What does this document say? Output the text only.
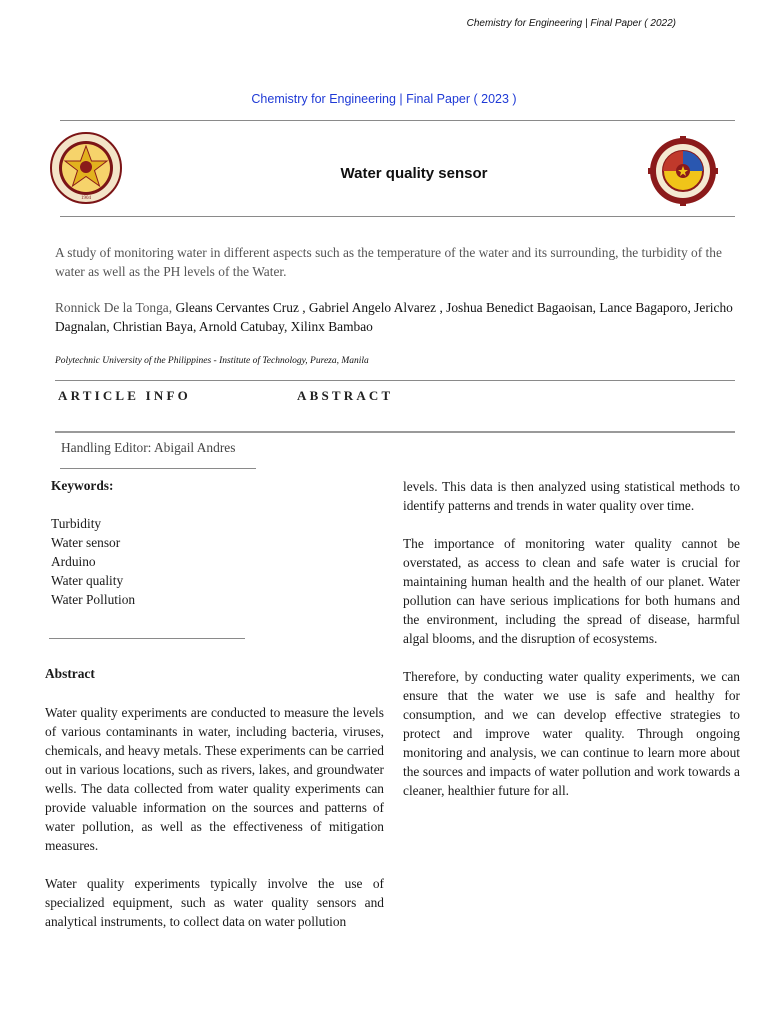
Chemistry for Engineering | Final Paper ( 2022)
Chemistry for Engineering | Final Paper ( 2023 )
1904
Water quality sensor
A study of monitoring water in different aspects such as the temperature of the water and its surrounding, the turbidity of the water as well as the PH levels of the Water.
Ronnick De la Tonga, Gleans Cervantes Cruz , Gabriel Angelo Alvarez , Joshua Benedict Bagaoisan, Lance Bagaporo, Jericho Dagnalan, Christian Baya, Arnold Catubay, Xilinx Bambao
Polytechnic University of the Philippines - Institute of Technology, Pureza, Manila
ARTICLE INFO	ABSTRACT
Handling Editor: Abigail Andres
Keywords:
Turbidity
Water sensor
Arduino
Water quality
Water Pollution
Abstract

Water quality experiments are conducted to measure the levels of various contaminants in water, including bacteria, viruses, chemicals, and heavy metals. These experiments can be carried out in various locations, such as rivers, lakes, and groundwater wells. The data collected from water quality experiments can provide valuable information on the sources and patterns of water pollution, as well as the effectiveness of mitigation measures.

Water quality experiments typically involve the use of specialized equipment, such as water quality sensors and analytical instruments, to collect data on water pollution

levels. This data is then analyzed using statistical methods to identify patterns and trends in water quality over time.

The importance of monitoring water quality cannot be overstated, as access to clean and safe water is crucial for maintaining human health and the health of our planet. Water pollution can have serious implications for both humans and the environment, including the spread of disease, harmful algal blooms, and the disruption of ecosystems.

Therefore, by conducting water quality experiments, we can ensure that the water we use is safe and healthy for consumption, and we can develop effective strategies to protect and improve water quality. Through ongoing monitoring and analysis, we can continue to learn more about the sources and impacts of water pollution and work towards a cleaner, healthier future for all.
